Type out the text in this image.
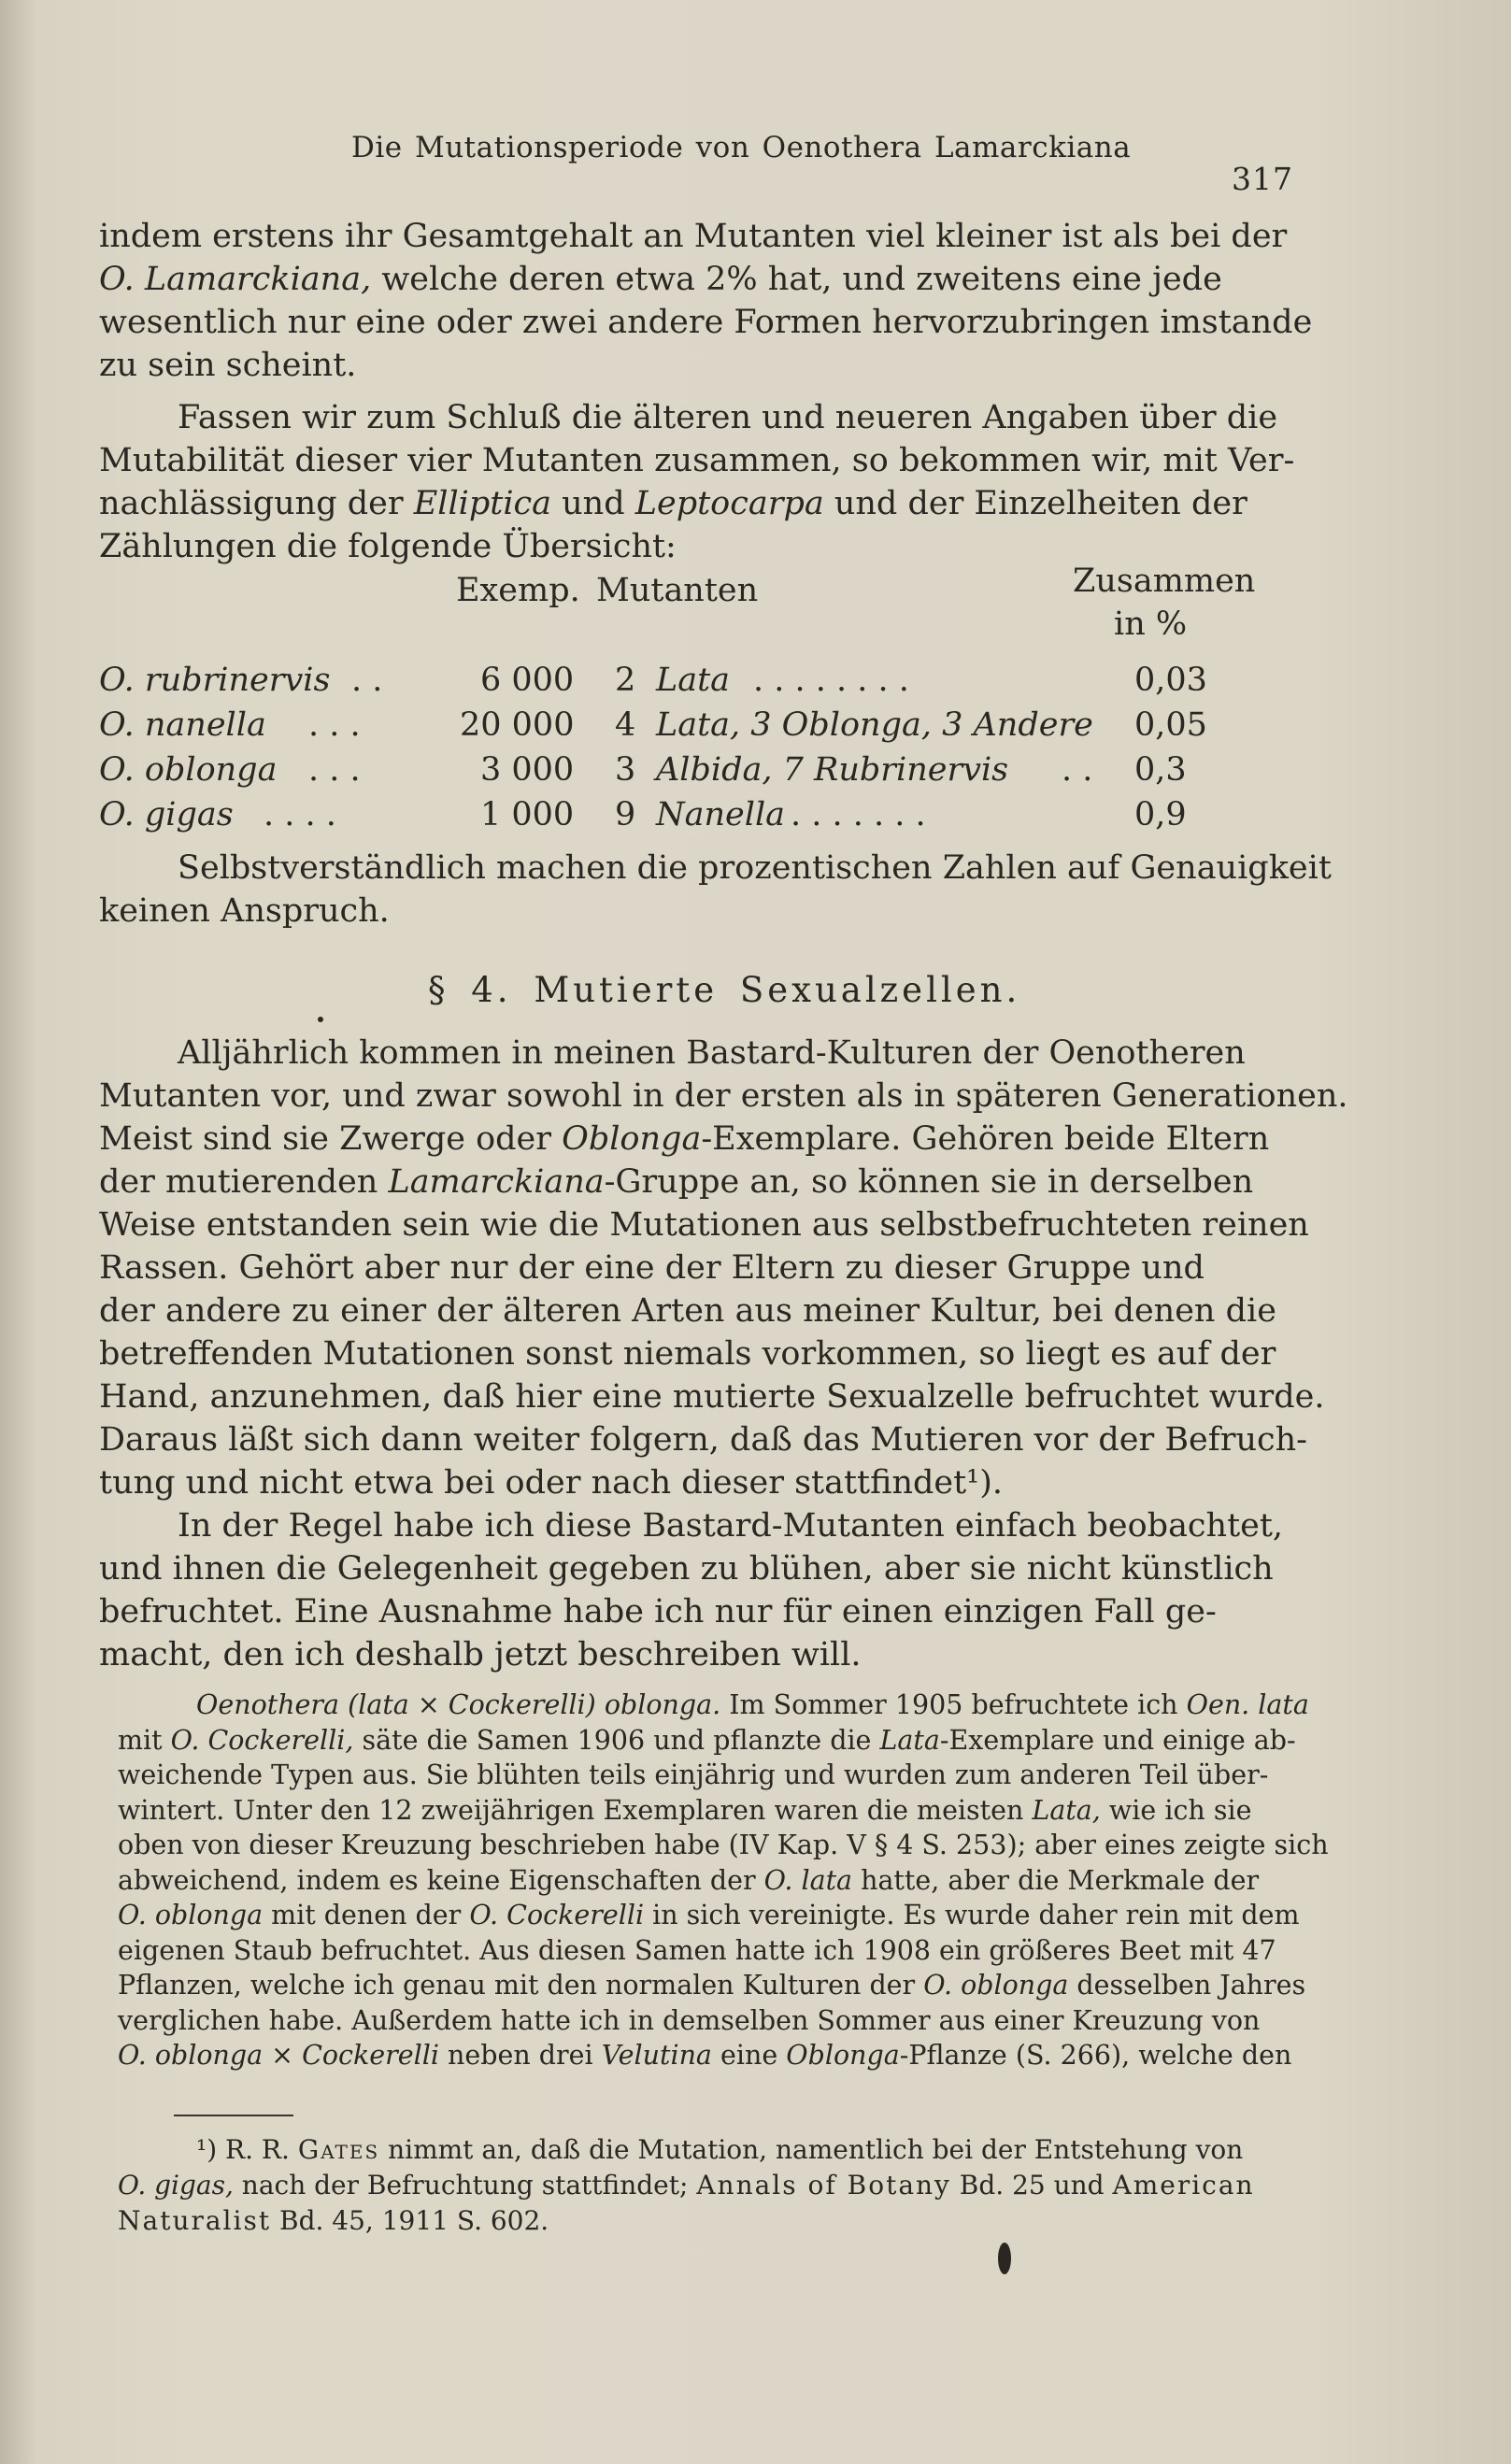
Die Mutationsperiode von Oenothera Lamarckiana
317
indem erstens ihr Gesamtgehalt an Mutanten viel kleiner ist als bei der
O. Lamarckiana, welche deren etwa 2% hat, und zweitens eine jede
wesentlich nur eine oder zwei andere Formen hervorzubringen imstande
zu sein scheint.
Fassen wir zum Schluß die älteren und neueren Angaben über die
Mutabilität dieser vier Mutanten zusammen, so bekommen wir, mit Ver-
nachlässigung der Elliptica und Leptocarpa und der Einzelheiten der
Zählungen die folgende Übersicht:
Exemp. Mutanten	Zusammen
in %
O. rubrinervis . .	6 000 2 Lata . . . . . . . .	0,03
O. nanella . . .	20 000 4 Lata, 3 Oblonga, 3 Andere 0,05
O. oblonga . . .	3 000 3 Albida, 7 Rubrinervis . . 0,3
O. gigas . . . .	1 000 9 Nanella . . . . . . .	0,9
Selbstverständlich machen die prozentischen Zahlen auf Genauigkeit
keinen Anspruch.
§ 4. Mutierte Sexualzellen.
Alljährlich kommen in meinen Bastard-Kulturen der Oenotheren
Mutanten vor, und zwar sowohl in der ersten als in späteren Generationen.
Meist sind sie Zwerge oder Oblonga-Exemplare. Gehören beide Eltern
der mutierenden Lamarckiana-Gruppe an, so können sie in derselben
Weise entstanden sein wie die Mutationen aus selbstbefruchteten reinen
Rassen. Gehört aber nur der eine der Eltern zu dieser Gruppe und
der andere zu einer der älteren Arten aus meiner Kultur, bei denen die
betreffenden Mutationen sonst niemals vorkommen, so liegt es auf der
Hand, anzunehmen, daß hier eine mutierte Sexualzelle befruchtet wurde.
Daraus läßt sich dann weiter folgern, daß das Mutieren vor der Befruch-
tung und nicht etwa bei oder nach dieser stattfindet¹).
In der Regel habe ich diese Bastard-Mutanten einfach beobachtet,
und ihnen die Gelegenheit gegeben zu blühen, aber sie nicht künstlich
befruchtet. Eine Ausnahme habe ich nur für einen einzigen Fall ge-
macht, den ich deshalb jetzt beschreiben will.
Oenothera (lata × Cockerelli) oblonga. Im Sommer 1905 befruchtete ich Oen. lata
mit O. Cockerelli, säte die Samen 1906 und pflanzte die Lata-Exemplare und einige ab-
weichende Typen aus. Sie blühten teils einjährig und wurden zum anderen Teil über-
wintert. Unter den 12 zweijährigen Exemplaren waren die meisten Lata, wie ich sie
oben von dieser Kreuzung beschrieben habe (IV Kap. V § 4 S. 253); aber eines zeigte sich
abweichend, indem es keine Eigenschaften der O. lata hatte, aber die Merkmale der
O. oblonga mit denen der O. Cockerelli in sich vereinigte. Es wurde daher rein mit dem
eigenen Staub befruchtet. Aus diesen Samen hatte ich 1908 ein größeres Beet mit 47
Pflanzen, welche ich genau mit den normalen Kulturen der O. oblonga desselben Jahres
verglichen habe. Außerdem hatte ich in demselben Sommer aus einer Kreuzung von
O. oblonga × Cockerelli neben drei Velutina eine Oblonga-Pflanze (S. 266), welche den
¹) R. R. Gates nimmt an, daß die Mutation, namentlich bei der Entstehung von
O. gigas, nach der Befruchtung stattfindet; Annals of Botany Bd. 25 und American
Naturalist Bd. 45, 1911 S. 602.
